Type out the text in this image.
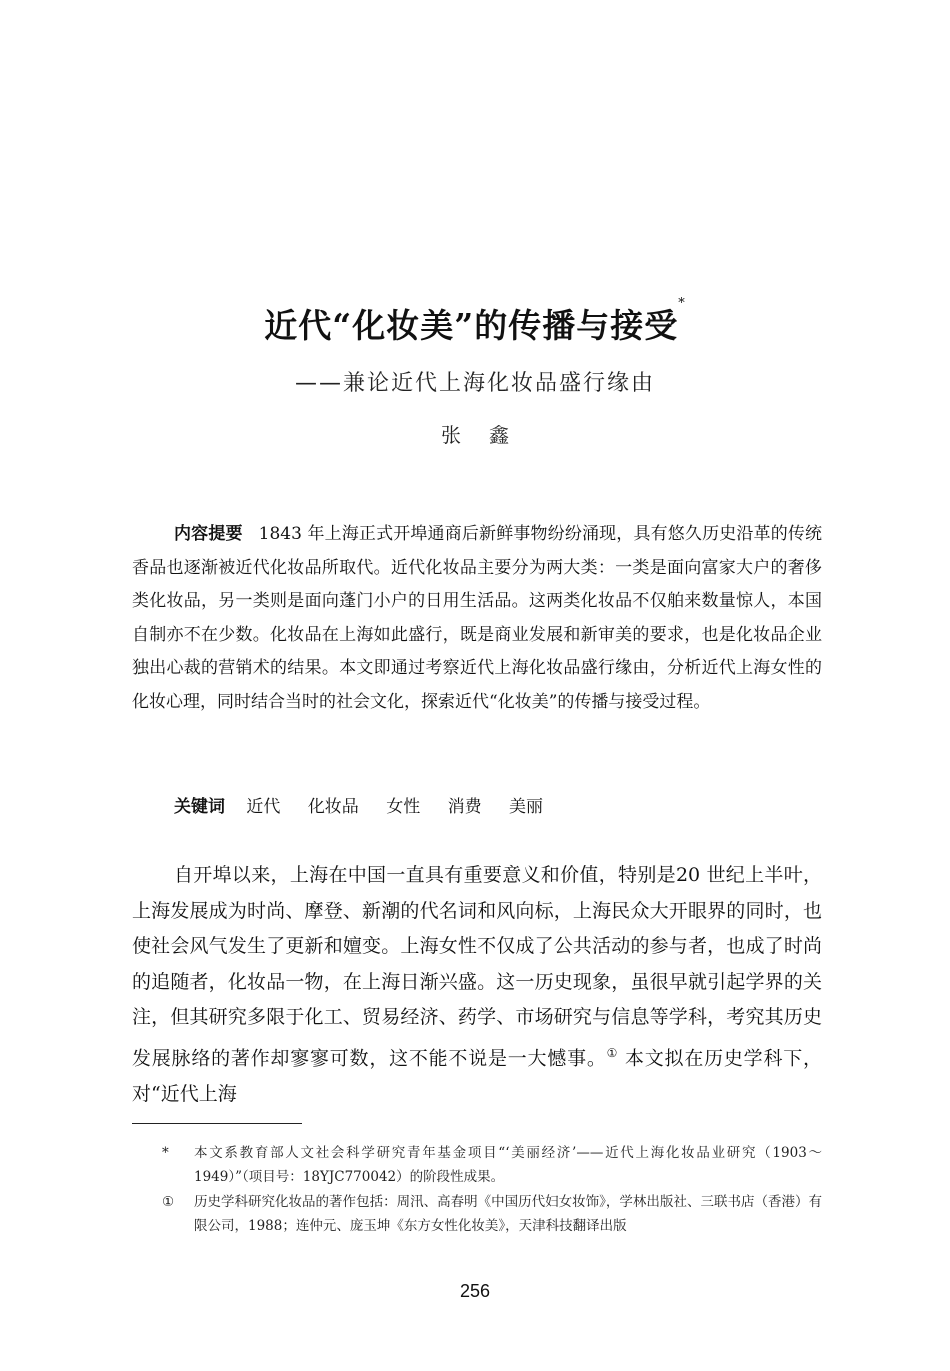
近代“化妆美”的传播与接受*
——兼论近代上海化妆品盛行缘由
张鑫
内容提要 1843 年上海正式开埠通商后新鲜事物纷纷涌现，具有悠久历史沿革的传统香品也逐渐被近代化妆品所取代。近代化妆品主要分为两大类：一类是面向富家大户的奢侈类化妆品，另一类则是面向蓬门小户的日用生活品。这两类化妆品不仅舶来数量惊人，本国自制亦不在少数。化妆品在上海如此盛行，既是商业发展和新审美的要求，也是化妆品企业独出心裁的营销术的结果。本文即通过考察近代上海化妆品盛行缘由，分析近代上海女性的化妆心理，同时结合当时的社会文化，探索近代“化妆美”的传播与接受过程。
关键词 近代 化妆品 女性 消费 美丽
自开埠以来，上海在中国一直具有重要意义和价值，特别是20 世纪上半叶，上海发展成为时尚、摩登、新潮的代名词和风向标，上海民众大开眼界的同时，也使社会风气发生了更新和嬗变。上海女性不仅成了公共活动的参与者，也成了时尚的追随者，化妆品一物，在上海日渐兴盛。这一历史现象，虽很早就引起学界的关注，但其研究多限于化工、贸易经济、药学、市场研究与信息等学科，考究其历史发展脉络的著作却寥寥可数，这不能不说是一大憾事。① 本文拟在历史学科下，对“近代上海
* 本文系教育部人文社会科学研究青年基金项目“‘美丽经济’——近代上海化妆品业研究（1903～1949）”（项目号：18YJC770042）的阶段性成果。
① 历史学科研究化妆品的著作包括：周汛、高春明《中国历代妇女妆饰》，学林出版社、三联书店（香港）有限公司，1988；连仲元、庞玉坤《东方女性化妆美》，天津科技翻译出版
256
